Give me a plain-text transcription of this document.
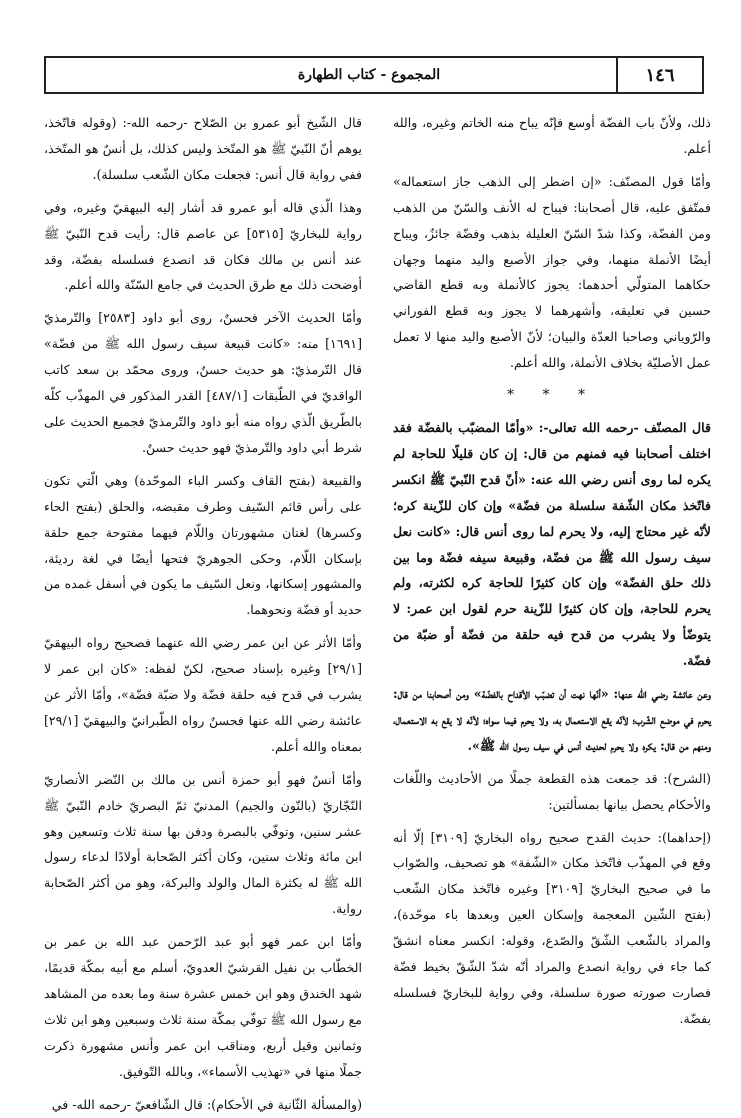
١٤٦
المجموع - كتاب الطهارة

ذلك، ولأنّ باب الفضّة أوسع فإنّه يباح منه الخاتم وغيره، والله أعلم.

وأمّا قول المصنّف: «إن اضطر إلى الذهب جاز استعماله» فمتّفق عليه، قال أصحابنا: فيباح له الأنف والسّنّ من الذهب ومن الفضّة، وكذا شدّ السّنّ العليلة بذهب وفضّة جائزٌ، ويباح أيضًا الأنملة منهما، وفي جواز الأصبع واليد منهما وجهان حكاهما المتولّي أحدهما: يجوز كالأنملة وبه قطع القاضي حسين في تعليقه، وأشهرهما لا يجوز وبه قطع الفوراني والرّوياني وصاحبا العدّة والبيان؛ لأنّ الأصبع واليد منها لا تعمل عمل الأصليّة بخلاف الأنملة، والله أعلم.

* * *

قال المصنّف -رحمه الله تعالى-: «وأمّا المضبّب بالفضّة فقد اختلف أصحابنا فيه فمنهم من قال: إن كان قليلًا للحاجة لم يكره لما روى أنس رضي الله عنه: «أنّ قدح النّبيّ ﷺ انكسر فاتّخذ مكان الشّفة سلسلة من فضّة» وإن كان للزّينة كره؛ لأنّه غير محتاج إليه، ولا يحرم لما روى أنس قال: «كانت نعل سيف رسول الله ﷺ من فضّة، وقبيعة سيفه فضّة وما بين ذلك حلق الفضّة» وإن كان كثيرًا للحاجة كره لكثرته، ولم يحرم للحاجة، وإن كان كثيرًا للزّينة حرم لقول ابن عمر: لا يتوضّأ ولا يشرب من قدح فيه حلقة من فضّة أو ضبّة من فضّة.

وعن عائشة رضي الله عنها: «أنّها نهت أن تضبّب الأقداح بالفضّة» ومن أصحابنا من قال: يحرم في موضع الشّرب؛ لأنّه يقع الاستعمال به، ولا يحرم فيما سواه؛ لأنّه لا يقع به الاستعمال، ومنهم من قال: يكره ولا يحرم لحديث أنس في سيف رسول الله ﷺ».

(الشرح): قد جمعت هذه القطعة جملًا من الأحاديث واللّغات والأحكام يحصل بيانها بمسألتين:

(إحداهما): حديث القدح صحيح رواه البخاريّ [٣١٠٩] إلّا أنه وقع في المهذّب فاتّخذ مكان «الشّفة» هو تصحيف، والصّواب ما في صحيح البخاريّ [٣١٠٩] وغيره فاتّخذ مكان الشّعب (بفتح الشّين المعجمة وإسكان العين وبعدها باء موحّدة)، والمراد بالشّعب الشّقّ والصّدع، وقوله: انكسر معناه انشقّ كما جاء في رواية انصدع والمراد أنّه شدّ الشّقّ بخيط فضّة فصارت صورته صورة سلسلة، وفي رواية للبخاريّ فسلسله بفضّة.

قال الشّيخ أبو عمرو بن الصّلاح -رحمه الله-: (وقوله فاتّخذ، يوهم أنّ النّبيّ ﷺ هو المتّخذ وليس كذلك، بل أنسٌ هو المتّخذ، ففي رواية قال أنس: فجعلت مكان الشّعب سلسلة).

وهذا الّذي قاله أبو عمرو قد أشار إليه البيهقيّ وغيره، وفي رواية للبخاريّ [٥٣١٥] عن عاصم قال: رأيت قدح النّبيّ ﷺ عند أنس بن مالك فكان قد انصدع فسلسله بفضّة، وقد أوضحت ذلك مع طرق الحديث في جامع السّنّة والله أعلم.

وأمّا الحديث الآخر فحسنٌ، روى أبو داود [٢٥٨٣] والتّرمذيّ [١٦٩١] منه: «كانت قبيعة سيف رسول الله ﷺ من فضّة» قال التّرمذيّ: هو حديث حسنٌ، وروى محمّد بن سعد كاتب الواقديّ في الطّبقات [٤٨٧/١] القدر المذكور في المهذّب كلّه بالطّريق الّذي رواه منه أبو داود والتّرمذيّ فجميع الحديث على شرط أبي داود والتّرمذيّ فهو حديث حسنٌ.

والقبيعة (بفتح القاف وكسر الباء الموحّدة) وهي الّتي تكون على رأس قائم السّيف وطرف مقبضه، والحلق (بفتح الحاء وكسرها) لغتان مشهورتان واللّام فيهما مفتوحة جمع حلقة بإسكان اللّام، وحكى الجوهريّ فتحها أيضًا في لغة رديئة، والمشهور إسكانها، ونعل السّيف ما يكون في أسفل غمده من حديد أو فضّة ونحوهما.

وأمّا الأثر عن ابن عمر رضي الله عنهما فصحيح رواه البيهقيّ [٢٩/١] وغيره بإسناد صحيح، لكنّ لفظه: «كان ابن عمر لا يشرب في قدح فيه حلقة فضّة ولا ضبّة فضّة»، وأمّا الأثر عن عائشة رضي الله عنها فحسنٌ رواه الطّبرانيّ والبيهقيّ [٢٩/١] بمعناه والله أعلم.

وأمّا أنسٌ فهو أبو حمزة أنس بن مالك بن النّضر الأنصاريّ النّجّاريّ (بالنّون والجيم) المدنيّ ثمّ البصريّ خادم النّبيّ ﷺ عشر سنين، وتوفّي بالبصرة ودفن بها سنة ثلاث وتسعين وهو ابن مائة وثلاث سنين، وكان أكثر الصّحابة أولادًا لدعاء رسول الله ﷺ له بكثرة المال والولد والبركة، وهو من أكثر الصّحابة رواية.

وأمّا ابن عمر فهو أبو عبد الرّحمن عبد الله بن عمر بن الخطّاب بن نفيل القرشيّ العدويّ، أسلم مع أبيه بمكّة قديمًا، شهد الخندق وهو ابن خمس عشرة سنة وما بعده من المشاهد مع رسول الله ﷺ توفّي بمكّة سنة ثلاث وسبعين وهو ابن ثلاث وثمانين وقيل أربع، ومناقب ابن عمر وأنس مشهورة ذكرت جملًا منها في «تهذيب الأسماء»، وبالله التّوفيق.

(والمسألة الثّانية في الأحكام): قال الشّافعيّ -رحمه الله- في
